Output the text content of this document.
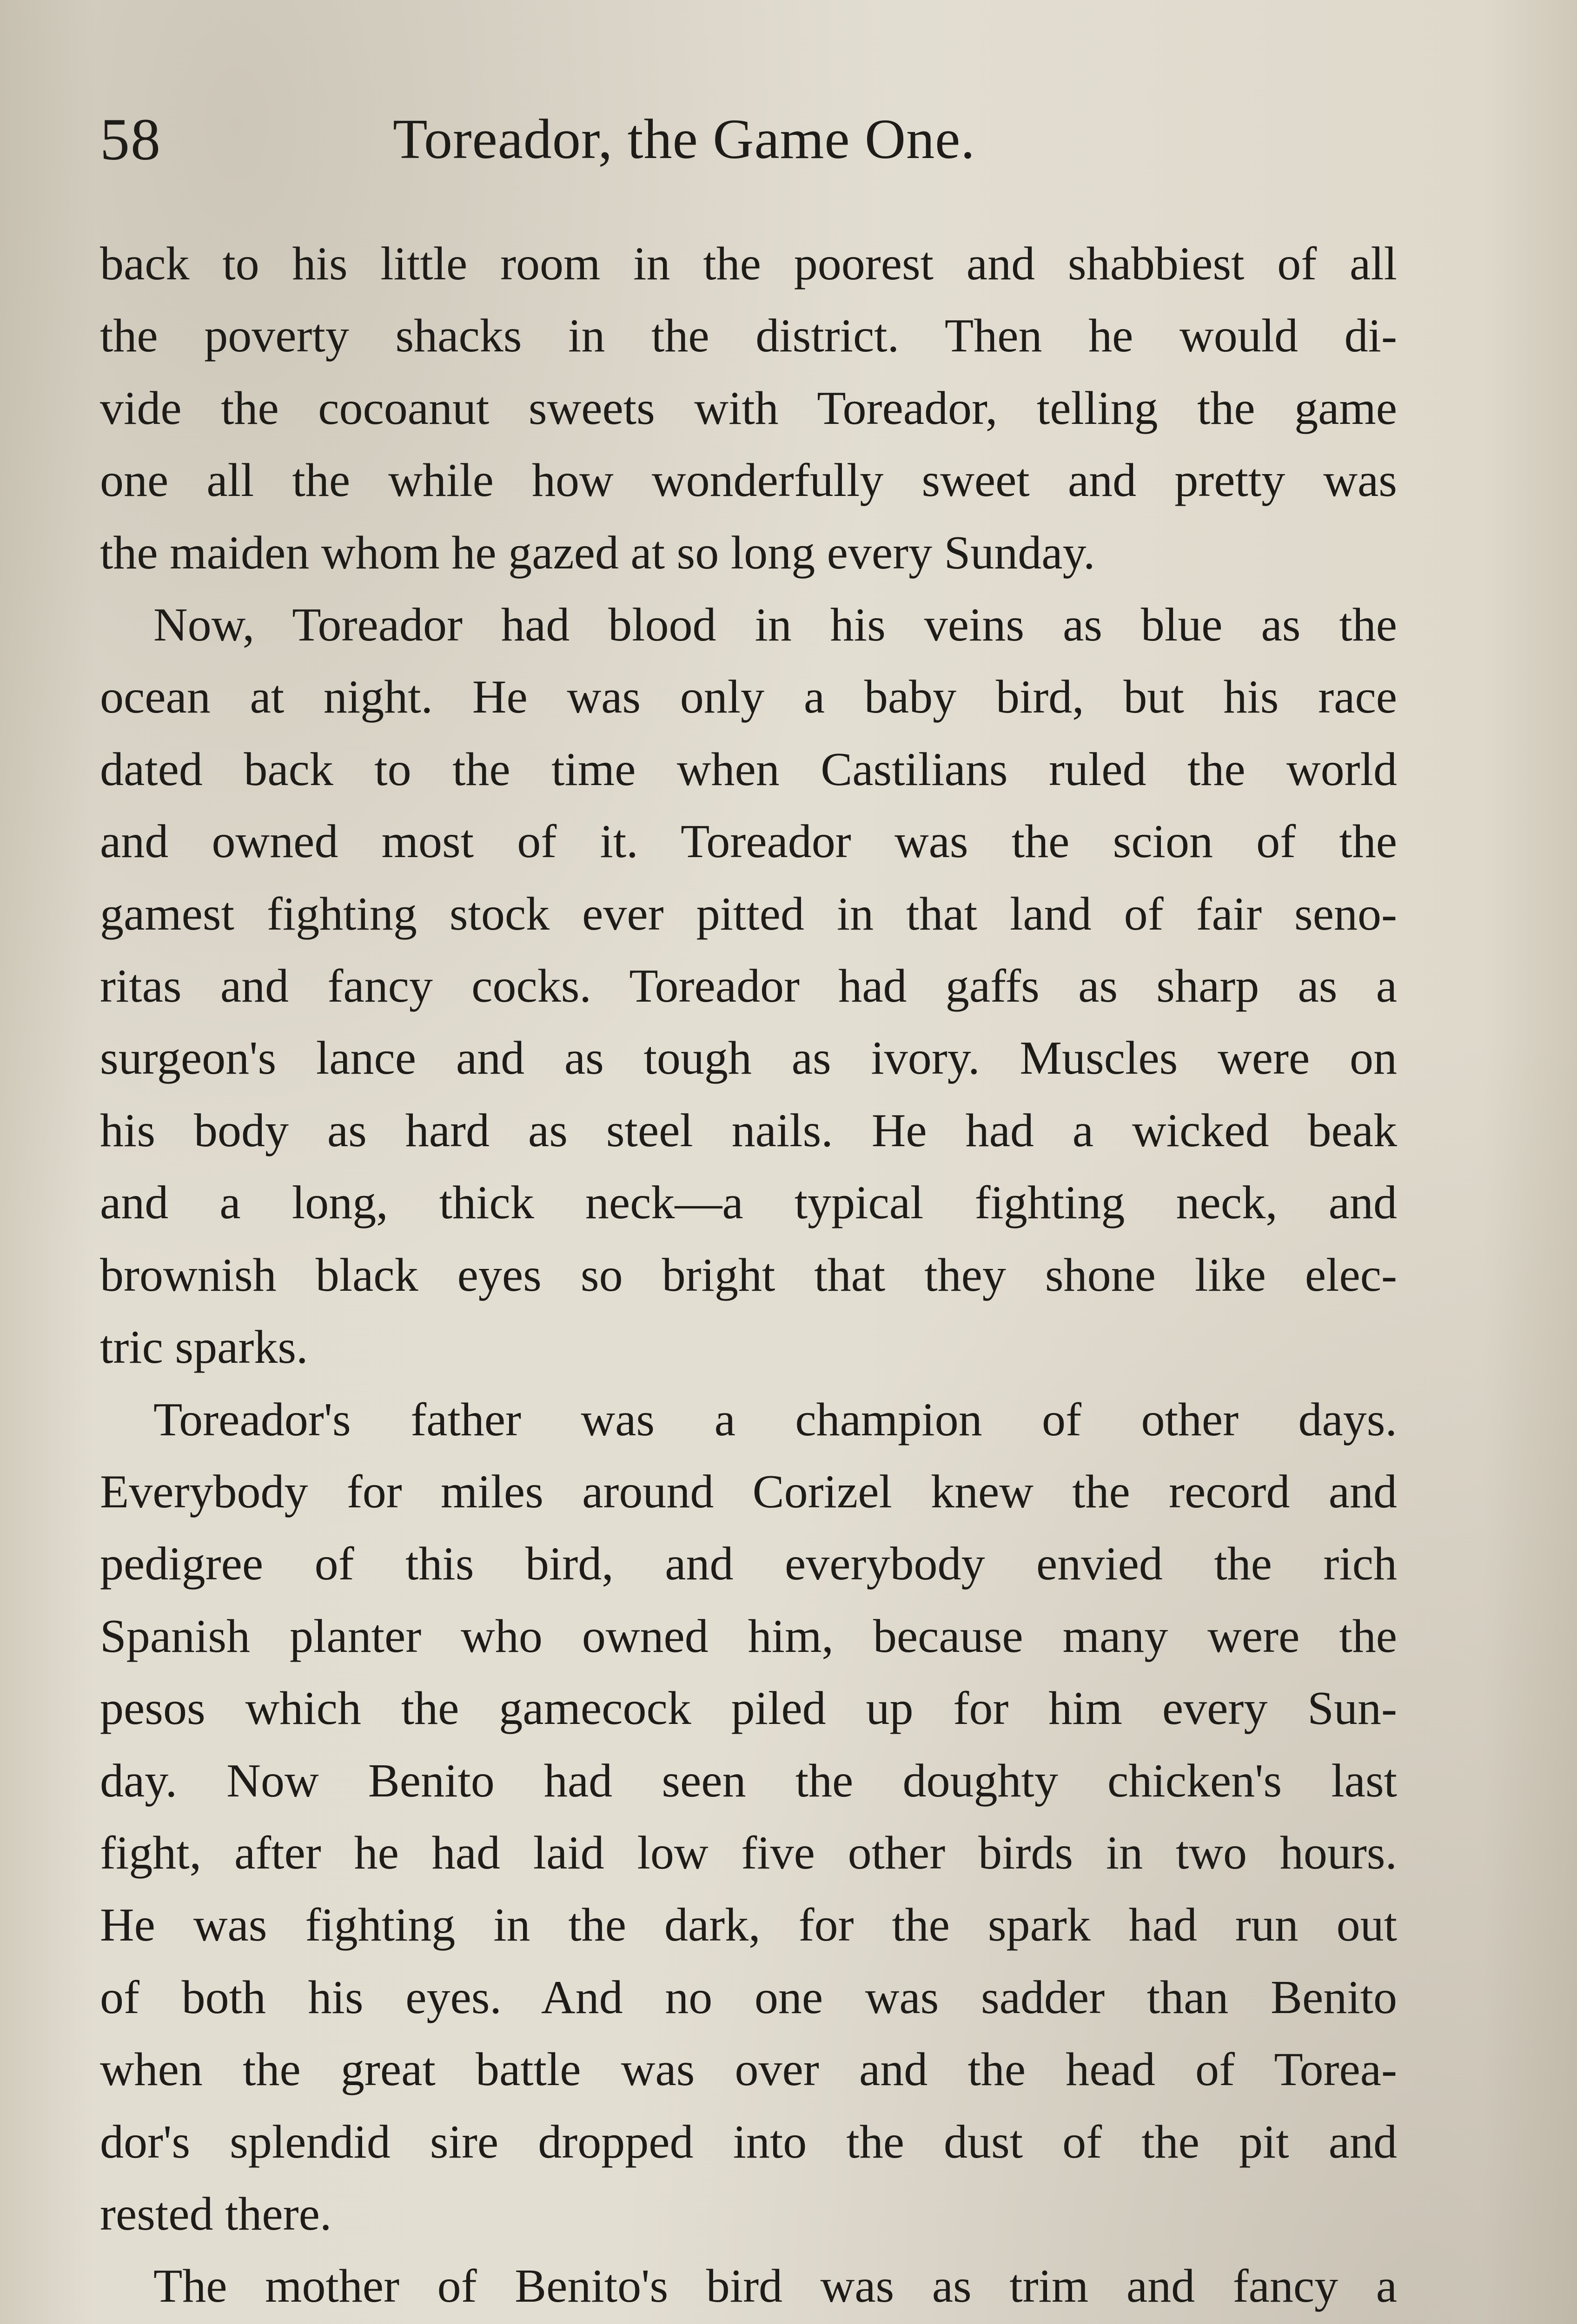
58	Toreador, the Game One.
back to his little room in the poorest and shabbiest of all
the poverty shacks in the district. Then he would di-
vide the cocoanut sweets with Toreador, telling the game
one all the while how wonderfully sweet and pretty was
the maiden whom he gazed at so long every Sunday.
Now, Toreador had blood in his veins as blue as the
ocean at night. He was only a baby bird, but his race
dated back to the time when Castilians ruled the world
and owned most of it. Toreador was the scion of the
gamest fighting stock ever pitted in that land of fair seno-
ritas and fancy cocks. Toreador had gaffs as sharp as a
surgeon's lance and as tough as ivory. Muscles were on
his body as hard as steel nails. He had a wicked beak
and a long, thick neck—a typical fighting neck, and
brownish black eyes so bright that they shone like elec-
tric sparks.
Toreador's father was a champion of other days.
Everybody for miles around Corizel knew the record and
pedigree of this bird, and everybody envied the rich
Spanish planter who owned him, because many were the
pesos which the gamecock piled up for him every Sun-
day. Now Benito had seen the doughty chicken's last
fight, after he had laid low five other birds in two hours.
He was fighting in the dark, for the spark had run out
of both his eyes. And no one was sadder than Benito
when the great battle was over and the head of Torea-
dor's splendid sire dropped into the dust of the pit and
rested there.
The mother of Benito's bird was as trim and fancy a
